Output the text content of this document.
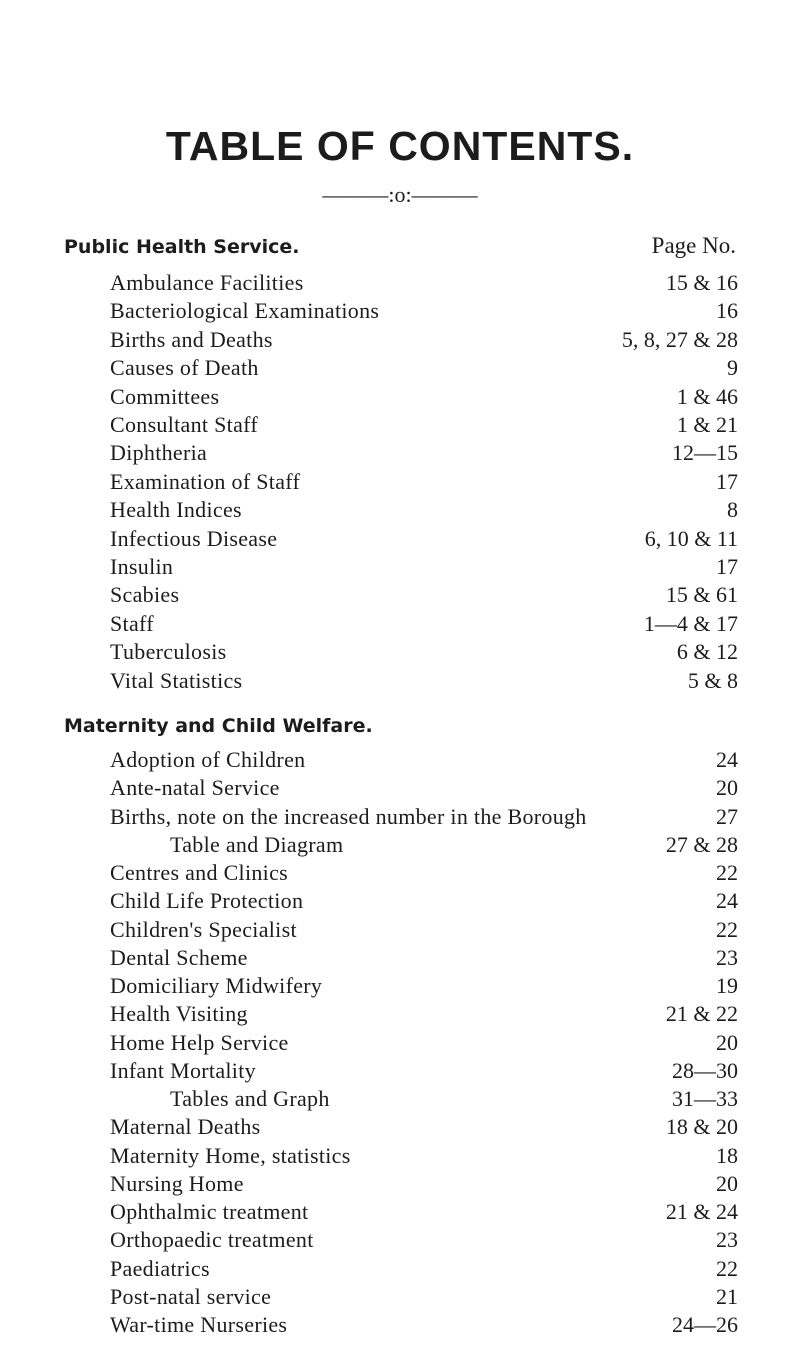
TABLE OF CONTENTS.
———:o:———
Public Health Service.	Page No.
Ambulance Facilities	15 & 16
Bacteriological Examinations	16
Births and Deaths	5, 8, 27 & 28
Causes of Death	9
Committees	1 & 46
Consultant Staff	1 & 21
Diphtheria	12—15
Examination of Staff	17
Health Indices	8
Infectious Disease	6, 10 & 11
Insulin	17
Scabies	15 & 61
Staff	1—4 & 17
Tuberculosis	6 & 12
Vital Statistics	5 & 8
Maternity and Child Welfare.
Adoption of Children	24
Ante-natal Service	20
Births, note on the increased number in the Borough	27
Table and Diagram	27 & 28
Centres and Clinics	22
Child Life Protection	24
Children's Specialist	22
Dental Scheme	23
Domiciliary Midwifery	19
Health Visiting	21 & 22
Home Help Service	20
Infant Mortality	28—30
Tables and Graph	31—33
Maternal Deaths	18 & 20
Maternity Home, statistics	18
Nursing Home	20
Ophthalmic treatment	21 & 24
Orthopaedic treatment	23
Paediatrics	22
Post-natal service	21
War-time Nurseries	24—26
